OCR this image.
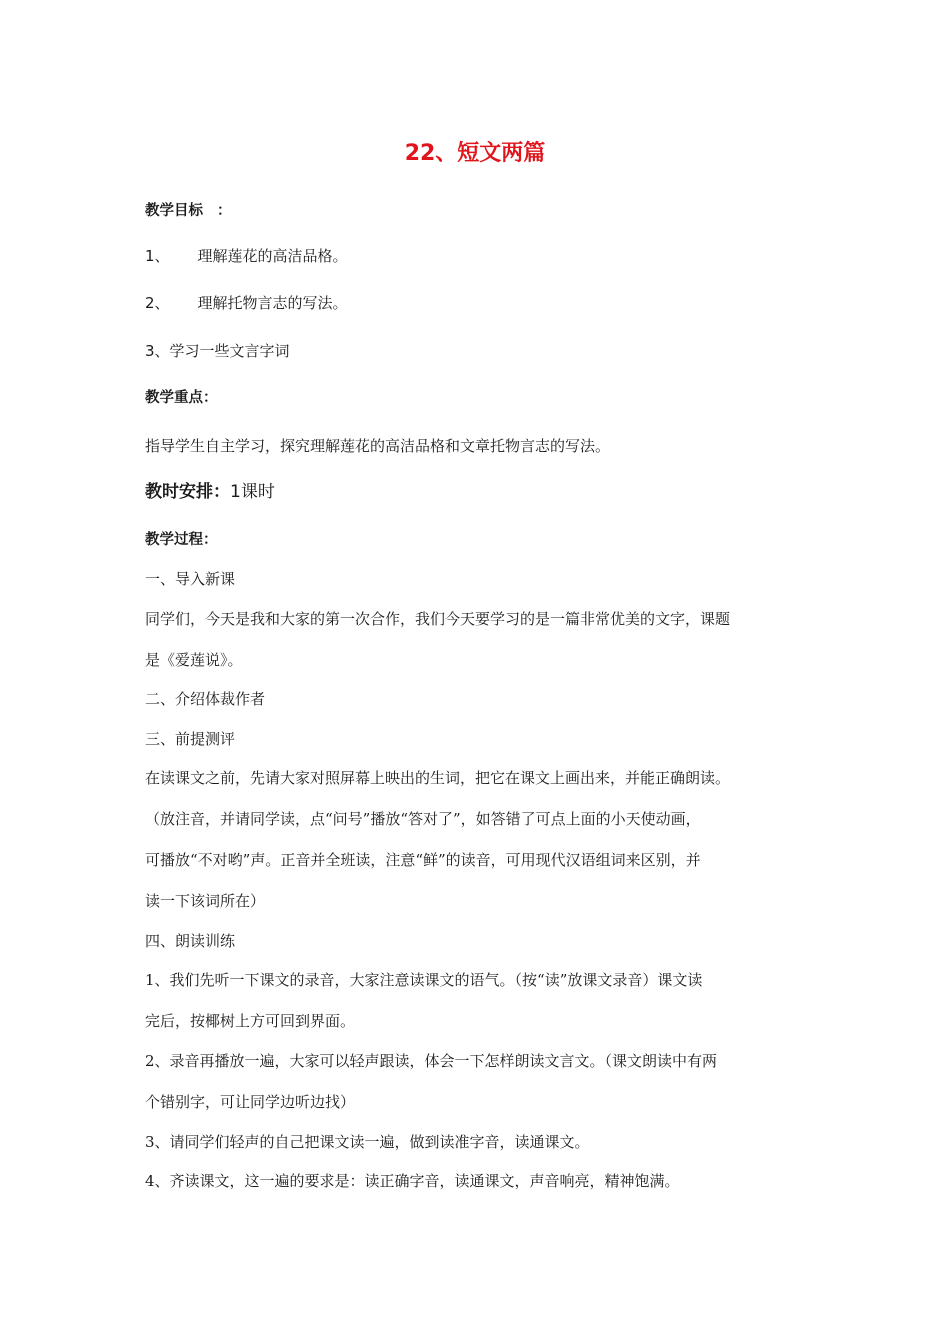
22、短文两篇
教学目标 ：
1、 理解莲花的高洁品格。
2、 理解托物言志的写法。
3、学习一些文言字词
教学重点：
指导学生自主学习，探究理解莲花的高洁品格和文章托物言志的写法。
教时安排：1课时
教学过程：
一、导入新课
同学们，今天是我和大家的第一次合作，我们今天要学习的是一篇非常优美的文字，课题
是《爱莲说》。
二、介绍体裁作者
三、前提测评
在读课文之前，先请大家对照屏幕上映出的生词，把它在课文上画出来，并能正确朗读。
（放注音，并请同学读，点“问号”播放“答对了”，如答错了可点上面的小天使动画，
可播放“不对哟”声。正音并全班读，注意“鲜”的读音，可用现代汉语组词来区别，并
读一下该词所在）
四、朗读训练
1、我们先听一下课文的录音，大家注意读课文的语气。（按“读”放课文录音）课文读
完后，按椰树上方可回到界面。
2、录音再播放一遍，大家可以轻声跟读，体会一下怎样朗读文言文。（课文朗读中有两
个错别字，可让同学边听边找）
3、请同学们轻声的自己把课文读一遍，做到读准字音，读通课文。
4、齐读课文，这一遍的要求是：读正确字音，读通课文，声音响亮，精神饱满。
